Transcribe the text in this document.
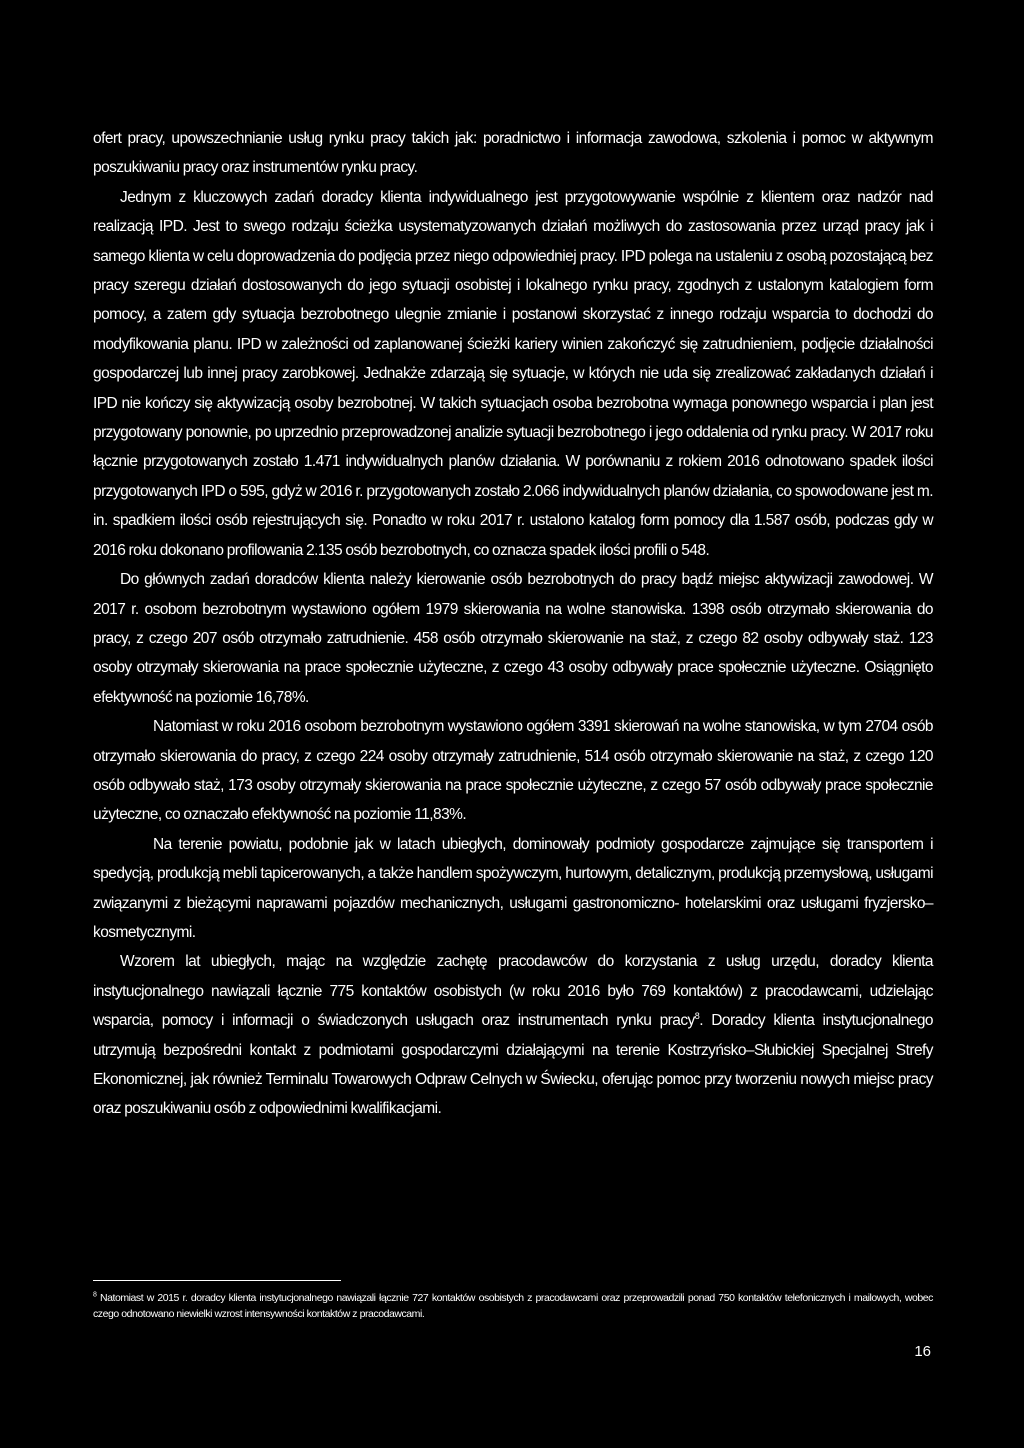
ofert pracy, upowszechnianie usług rynku pracy takich jak: poradnictwo i informacja zawodowa, szkolenia i pomoc w aktywnym poszukiwaniu pracy oraz instrumentów rynku pracy.

Jednym z kluczowych zadań doradcy klienta indywidualnego jest przygotowywanie wspólnie z klientem oraz nadzór nad realizacją IPD. Jest to swego rodzaju ścieżka usystematyzowanych działań możliwych do zastosowania przez urząd pracy jak i samego klienta w celu doprowadzenia do podjęcia przez niego odpowiedniej pracy. IPD polega na ustaleniu z osobą pozostającą bez pracy szeregu działań dostosowanych do jego sytuacji osobistej i lokalnego rynku pracy, zgodnych z ustalonym katalogiem form pomocy, a zatem gdy sytuacja bezrobotnego ulegnie zmianie i postanowi skorzystać z innego rodzaju wsparcia to dochodzi do modyfikowania planu. IPD w zależności od zaplanowanej ścieżki kariery winien zakończyć się zatrudnieniem, podjęcie działalności gospodarczej lub innej pracy zarobkowej. Jednakże zdarzają się sytuacje, w których nie uda się zrealizować zakładanych działań i IPD nie kończy się aktywizacją osoby bezrobotnej. W takich sytuacjach osoba bezrobotna wymaga ponownego wsparcia i plan jest przygotowany ponownie, po uprzednio przeprowadzonej analizie sytuacji bezrobotnego i jego oddalenia od rynku pracy. W 2017 roku łącznie przygotowanych zostało 1.471 indywidualnych planów działania. W porównaniu z rokiem 2016 odnotowano spadek ilości przygotowanych IPD o 595, gdyż w 2016 r. przygotowanych zostało 2.066 indywidualnych planów działania, co spowodowane jest m. in. spadkiem ilości osób rejestrujących się. Ponadto w roku 2017 r. ustalono katalog form pomocy dla 1.587 osób, podczas gdy w 2016 roku dokonano profilowania 2.135 osób bezrobotnych, co oznacza spadek ilości profili o 548.

Do głównych zadań doradców klienta należy kierowanie osób bezrobotnych do pracy bądź miejsc aktywizacji zawodowej. W 2017 r. osobom bezrobotnym wystawiono ogółem 1979 skierowania na wolne stanowiska. 1398 osób otrzymało skierowania do pracy, z czego 207 osób otrzymało zatrudnienie. 458 osób otrzymało skierowanie na staż, z czego 82 osoby odbywały staż. 123 osoby otrzymały skierowania na prace społecznie użyteczne, z czego 43 osoby odbywały prace społecznie użyteczne. Osiągnięto efektywność na poziomie 16,78%.

Natomiast w roku 2016 osobom bezrobotnym wystawiono ogółem 3391 skierowań na wolne stanowiska, w tym 2704 osób otrzymało skierowania do pracy, z czego 224 osoby otrzymały zatrudnienie, 514 osób otrzymało skierowanie na staż, z czego 120 osób odbywało staż, 173 osoby otrzymały skierowania na prace społecznie użyteczne, z czego 57 osób odbywały prace społecznie użyteczne, co oznaczało efektywność na poziomie 11,83%.

Na terenie powiatu, podobnie jak w latach ubiegłych, dominowały podmioty gospodarcze zajmujące się transportem i spedycją, produkcją mebli tapicerowanych, a także handlem spożywczym, hurtowym, detalicznym, produkcją przemysłową, usługami związanymi z bieżącymi naprawami pojazdów mechanicznych, usługami gastronomiczno- hotelarskimi oraz usługami fryzjersko–kosmetycznymi.

Wzorem lat ubiegłych, mając na względzie zachętę pracodawców do korzystania z usług urzędu, doradcy klienta instytucjonalnego nawiązali łącznie 775 kontaktów osobistych (w roku 2016 było 769 kontaktów) z pracodawcami, udzielając wsparcia, pomocy i informacji o świadczonych usługach oraz instrumentach rynku pracy$^8$. Doradcy klienta instytucjonalnego utrzymują bezpośredni kontakt z podmiotami gospodarczymi działającymi na terenie Kostrzyńsko–Słubickiej Specjalnej Strefy Ekonomicznej, jak również Terminalu Towarowych Odpraw Celnych w Świecku, oferując pomoc przy tworzeniu nowych miejsc pracy oraz poszukiwaniu osób z odpowiednimi kwalifikacjami.

$^8$ Natomiast w 2015 r. doradcy klienta instytucjonalnego nawiązali łącznie 727 kontaktów osobistych z pracodawcami oraz przeprowadzili ponad 750 kontaktów telefonicznych i mailowych, wobec czego odnotowano niewielki wzrost intensywności kontaktów z pracodawcami.

16
